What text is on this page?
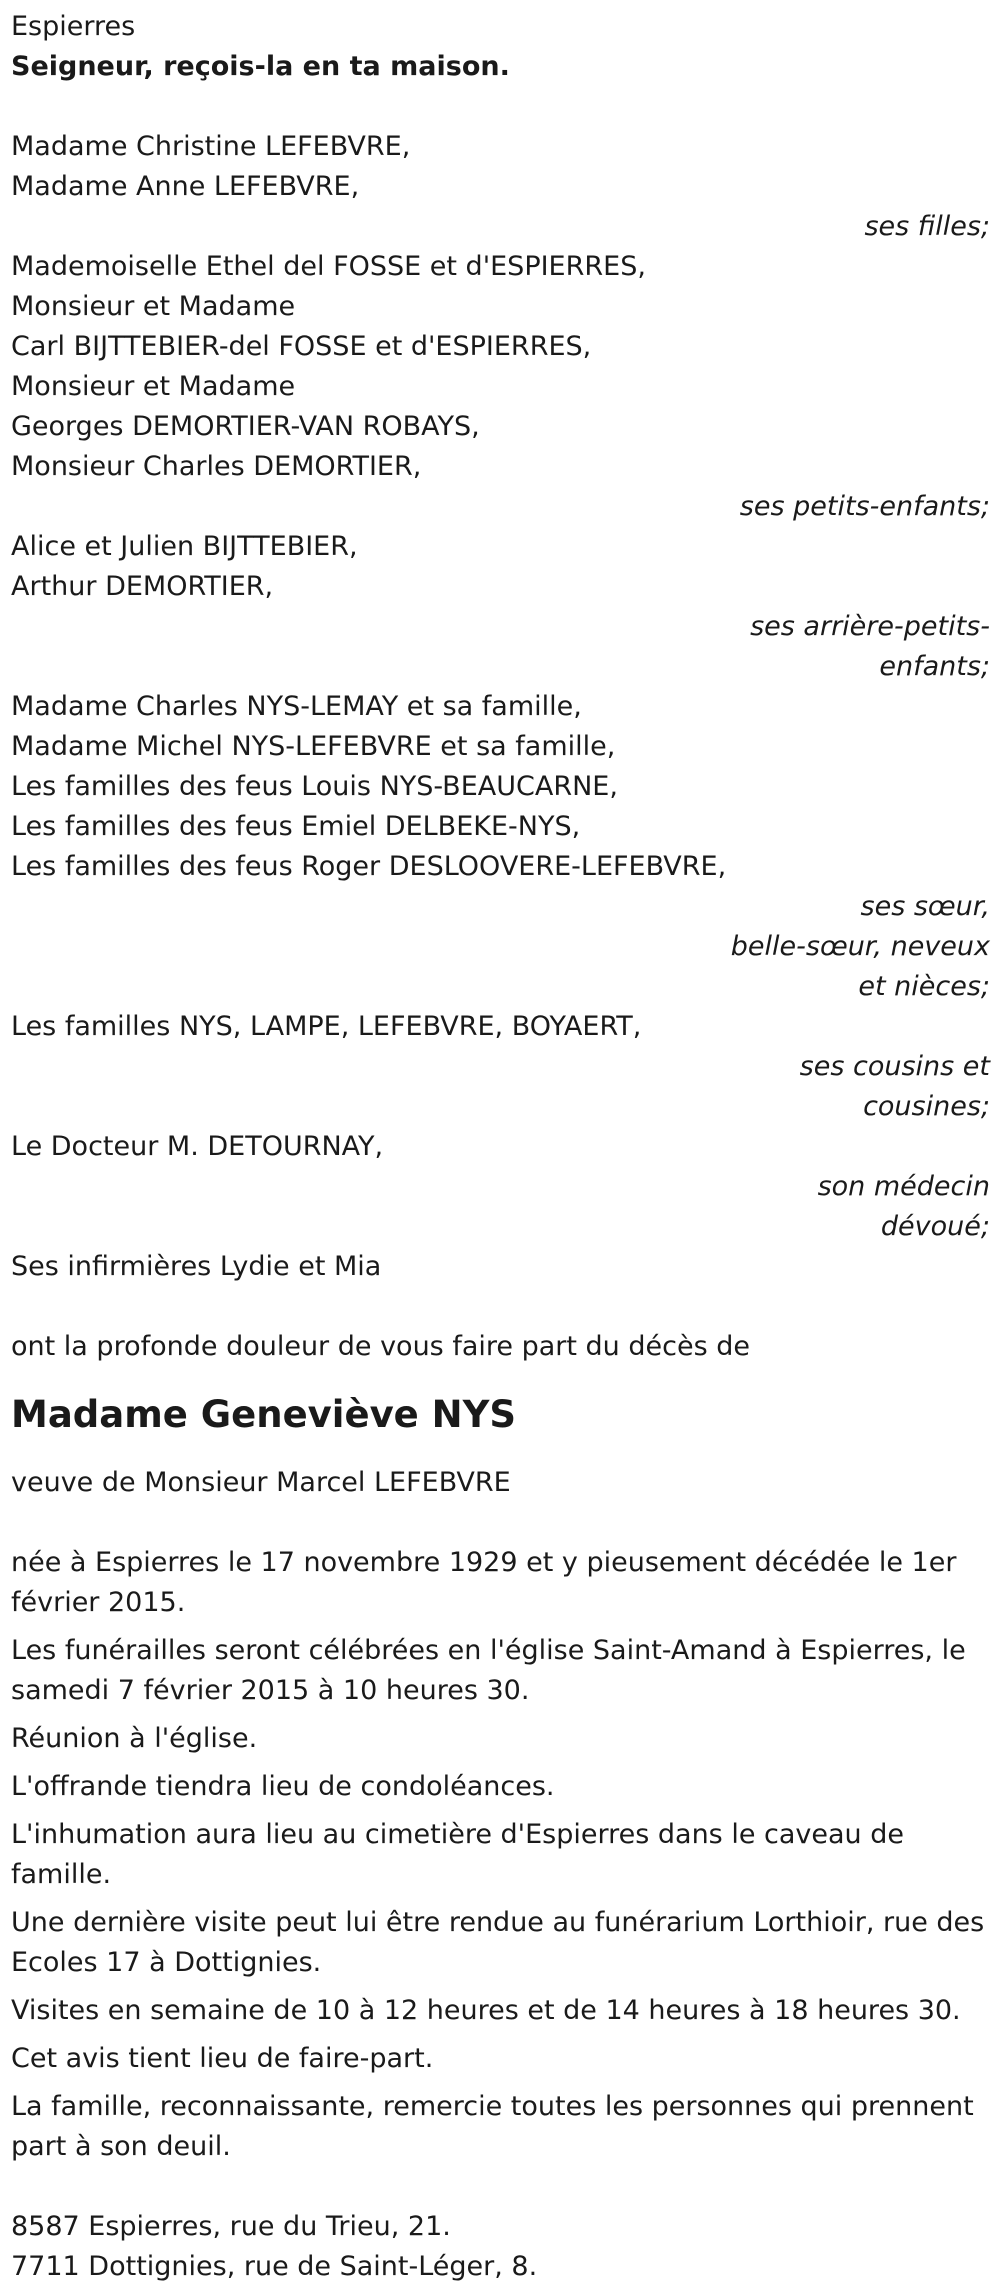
Espierres
Seigneur, reçois-la en ta maison.
Madame Christine LEFEBVRE,
Madame Anne LEFEBVRE,
ses filles;
Mademoiselle Ethel del FOSSE et d'ESPIERRES,
Monsieur et Madame
Carl BIJTTEBIER-del FOSSE et d'ESPIERRES,
Monsieur et Madame
Georges DEMORTIER-VAN ROBAYS,
Monsieur Charles DEMORTIER,
ses petits-enfants;
Alice et Julien BIJTTEBIER,
Arthur DEMORTIER,
ses arrière-petits-
enfants;
Madame Charles NYS-LEMAY et sa famille,
Madame Michel NYS-LEFEBVRE et sa famille,
Les familles des feus Louis NYS-BEAUCARNE,
Les familles des feus Emiel DELBEKE-NYS,
Les familles des feus Roger DESLOOVERE-LEFEBVRE,
ses sœur,
belle-sœur, neveux
et nièces;
Les familles NYS, LAMPE, LEFEBVRE, BOYAERT,
ses cousins et
cousines;
Le Docteur M. DETOURNAY,
son médecin
dévoué;
Ses infirmières Lydie et Mia
ont la profonde douleur de vous faire part du décès de
Madame Geneviève NYS
veuve de Monsieur Marcel LEFEBVRE
née à Espierres le 17 novembre 1929 et y pieusement décédée le 1er
février 2015.
Les funérailles seront célébrées en l'église Saint-Amand à Espierres, le
samedi 7 février 2015 à 10 heures 30.
Réunion à l'église.
L'offrande tiendra lieu de condoléances.
L'inhumation aura lieu au cimetière d'Espierres dans le caveau de
famille.
Une dernière visite peut lui être rendue au funérarium Lorthioir, rue des
Ecoles 17 à Dottignies.
Visites en semaine de 10 à 12 heures et de 14 heures à 18 heures 30.
Cet avis tient lieu de faire-part.
La famille, reconnaissante, remercie toutes les personnes qui prennent
part à son deuil.
8587 Espierres, rue du Trieu, 21.
7711 Dottignies, rue de Saint-Léger, 8.
